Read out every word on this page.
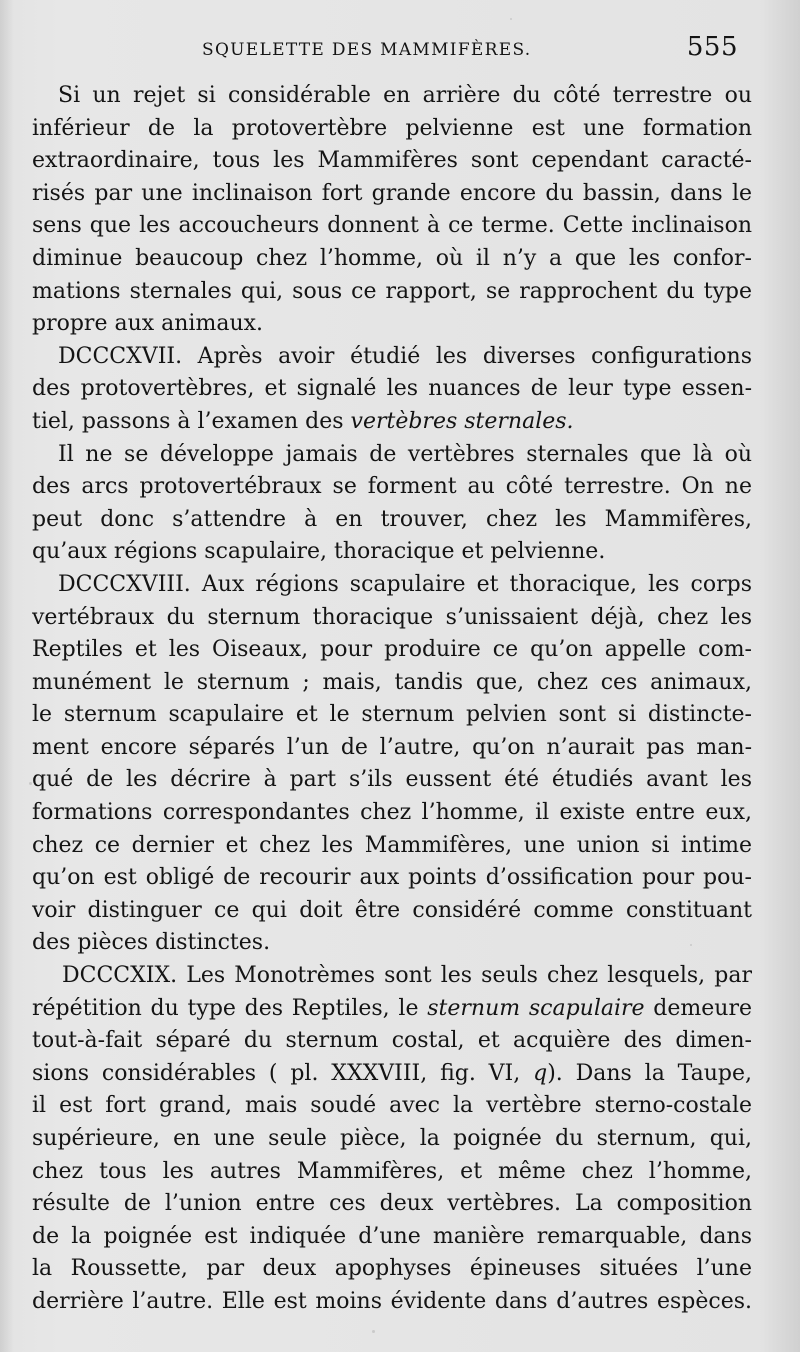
SQUELETTE DES MAMMIFÈRES.	555
Si un rejet si considérable en arrière du côté terrestre ou
inférieur de la protovertèbre pelvienne est une formation
extraordinaire, tous les Mammifères sont cependant caracté-
risés par une inclinaison fort grande encore du bassin, dans le
sens que les accoucheurs donnent à ce terme. Cette inclinaison
diminue beaucoup chez l’homme, où il n’y a que les confor-
mations sternales qui, sous ce rapport, se rapprochent du type
propre aux animaux.
DCCCXVII. Après avoir étudié les diverses configurations
des protovertèbres, et signalé les nuances de leur type essen-
tiel, passons à l’examen des vertèbres sternales.
Il ne se développe jamais de vertèbres sternales que là où
des arcs protovertébraux se forment au côté terrestre. On ne
peut donc s’attendre à en trouver, chez les Mammifères,
qu’aux régions scapulaire, thoracique et pelvienne.
DCCCXVIII. Aux régions scapulaire et thoracique, les corps
vertébraux du sternum thoracique s’unissaient déjà, chez les
Reptiles et les Oiseaux, pour produire ce qu’on appelle com-
munément le sternum ; mais, tandis que, chez ces animaux,
le sternum scapulaire et le sternum pelvien sont si distincte-
ment encore séparés l’un de l’autre, qu’on n’aurait pas man-
qué de les décrire à part s’ils eussent été étudiés avant les
formations correspondantes chez l’homme, il existe entre eux,
chez ce dernier et chez les Mammifères, une union si intime
qu’on est obligé de recourir aux points d’ossification pour pou-
voir distinguer ce qui doit être considéré comme constituant
des pièces distinctes.
DCCCXIX. Les Monotrèmes sont les seuls chez lesquels, par
répétition du type des Reptiles, le sternum scapulaire demeure
tout-à-fait séparé du sternum costal, et acquière des dimen-
sions considérables ( pl. XXXVIII, fig. VI, q). Dans la Taupe,
il est fort grand, mais soudé avec la vertèbre sterno-costale
supérieure, en une seule pièce, la poignée du sternum, qui,
chez tous les autres Mammifères, et même chez l’homme,
résulte de l’union entre ces deux vertèbres. La composition
de la poignée est indiquée d’une manière remarquable, dans
la Roussette, par deux apophyses épineuses situées l’une
derrière l’autre. Elle est moins évidente dans d’autres espèces.
